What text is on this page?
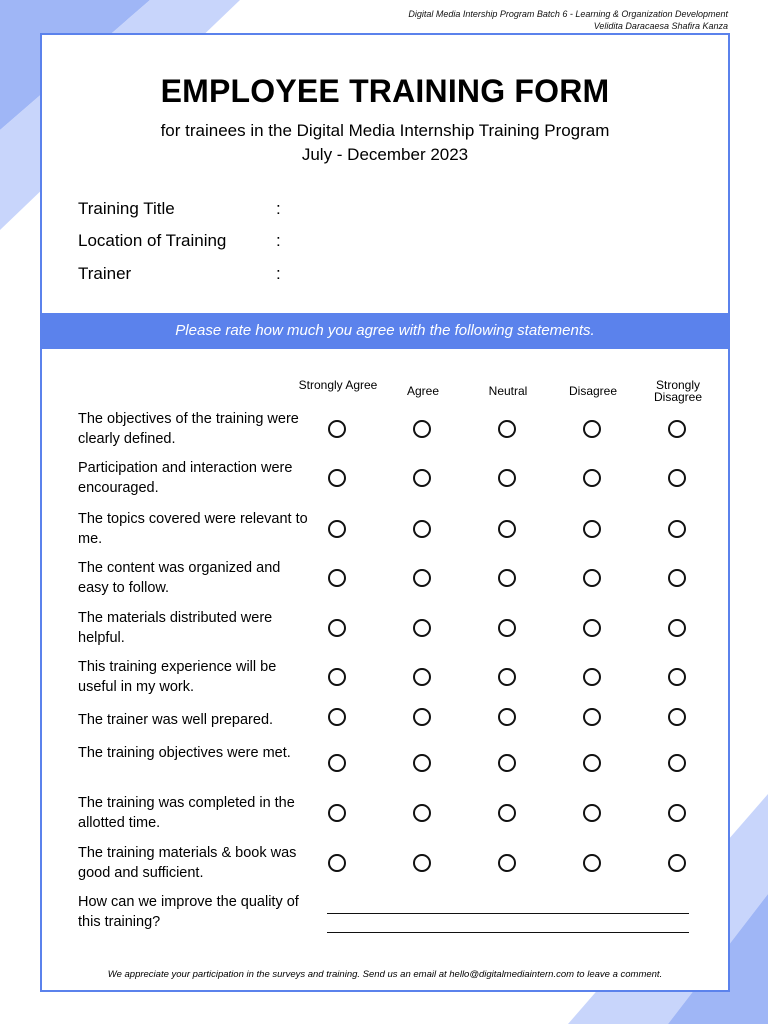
Digital Media Intership Program Batch 6 - Learning & Organization Development
Velidita Daracaesa Shafira Kanza
EMPLOYEE TRAINING FORM
for trainees in the Digital Media Internship Training Program
July - December 2023
Training Title	:
Location of Training	:
Trainer	:
Please rate how much you agree with the following statements.
Strongly Agree	Agree	Neutral	Disagree	Strongly Disagree
The objectives of the training were clearly defined.
Participation and interaction were encouraged.
The topics covered were relevant to me.
The content was organized and easy to follow.
The materials distributed were helpful.
This training experience will be useful in my work.
The trainer was well prepared.
The training objectives were met.
The training was completed in the allotted time.
The training materials & book was good and sufficient.
How can we improve the quality of this training?
We appreciate your participation in the surveys and training. Send us an email at hello@digitalmediaintern.com to leave a comment.
